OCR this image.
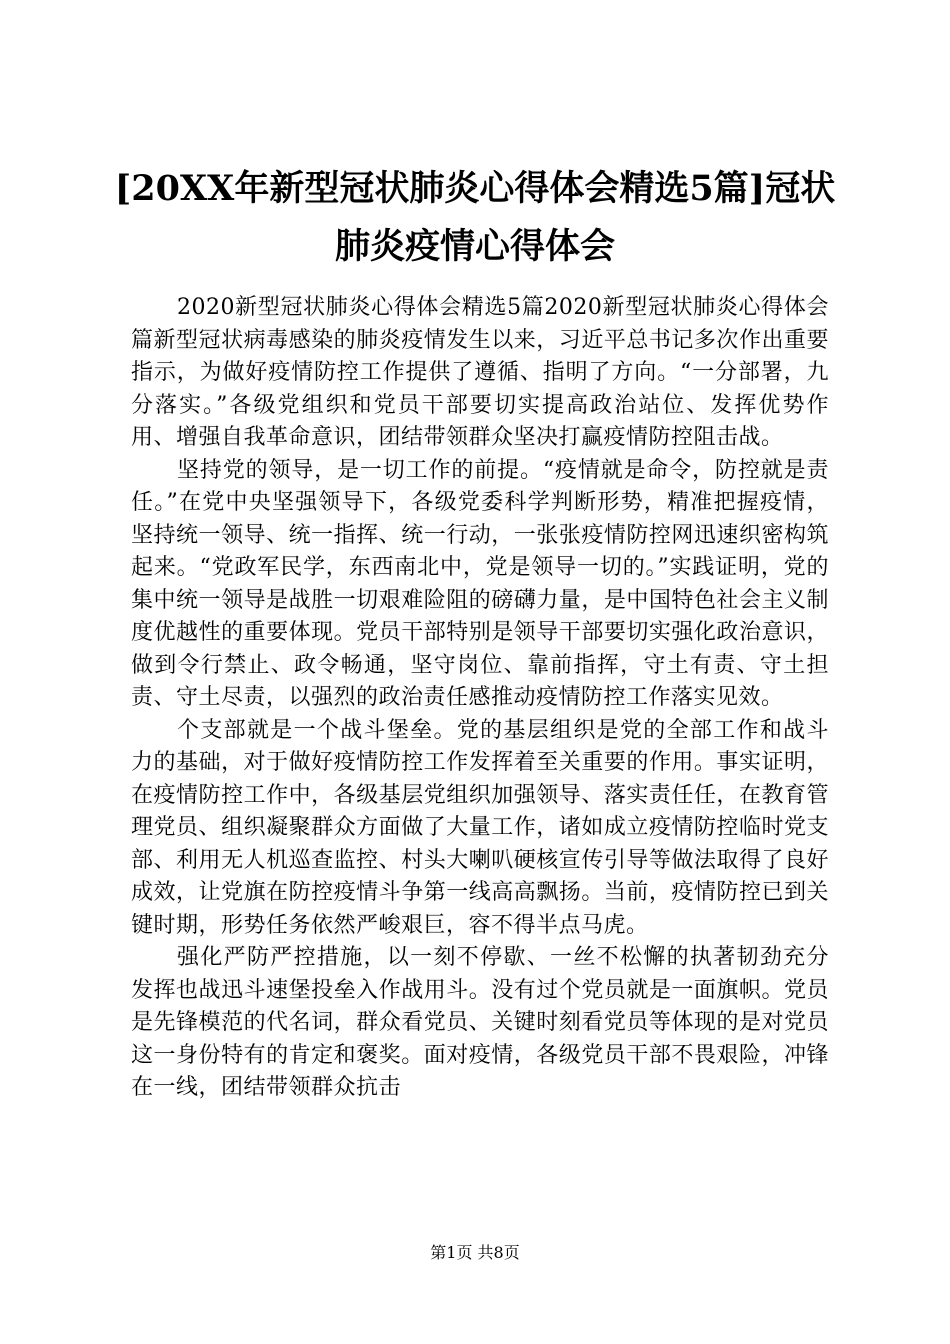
[20XX年新型冠状肺炎心得体会精选5篇]冠状肺炎疫情心得体会

2020新型冠状肺炎心得体会精选5篇2020新型冠状肺炎心得体会篇新型冠状病毒感染的肺炎疫情发生以来，习近平总书记多次作出重要指示，为做好疫情防控工作提供了遵循、指明了方向。“一分部署，九分落实。”各级党组织和党员干部要切实提高政治站位、发挥优势作用、增强自我革命意识，团结带领群众坚决打赢疫情防控阻击战。

坚持党的领导，是一切工作的前提。“疫情就是命令，防控就是责任。”在党中央坚强领导下，各级党委科学判断形势，精准把握疫情，坚持统一领导、统一指挥、统一行动，一张张疫情防控网迅速织密构筑起来。“党政军民学，东西南北中，党是领导一切的。”实践证明，党的集中统一领导是战胜一切艰难险阻的磅礴力量，是中国特色社会主义制度优越性的重要体现。党员干部特别是领导干部要切实强化政治意识，做到令行禁止、政令畅通，坚守岗位、靠前指挥，守土有责、守土担责、守土尽责，以强烈的政治责任感推动疫情防控工作落实见效。

个支部就是一个战斗堡垒。党的基层组织是党的全部工作和战斗力的基础，对于做好疫情防控工作发挥着至关重要的作用。事实证明，在疫情防控工作中，各级基层党组织加强领导、落实责任任，在教育管理党员、组织凝聚群众方面做了大量工作，诸如成立疫情防控临时党支部、利用无人机巡查监控、村头大喇叭硬核宣传引导等做法取得了良好成效，让党旗在防控疫情斗争第一线高高飘扬。当前，疫情防控已到关键时期，形势任务依然严峻艰巨，容不得半点马虎。

强化严防严控措施，以一刻不停歇、一丝不松懈的执著韧劲充分发挥也战迅斗速堡投垒入作战用斗。没有过个党员就是一面旗帜。党员是先锋模范的代名词，群众看党员、关键时刻看党员等体现的是对党员这一身份特有的肯定和褒奖。面对疫情，各级党员干部不畏艰险，冲锋在一线，团结带领群众抗击

第1页 共8页
